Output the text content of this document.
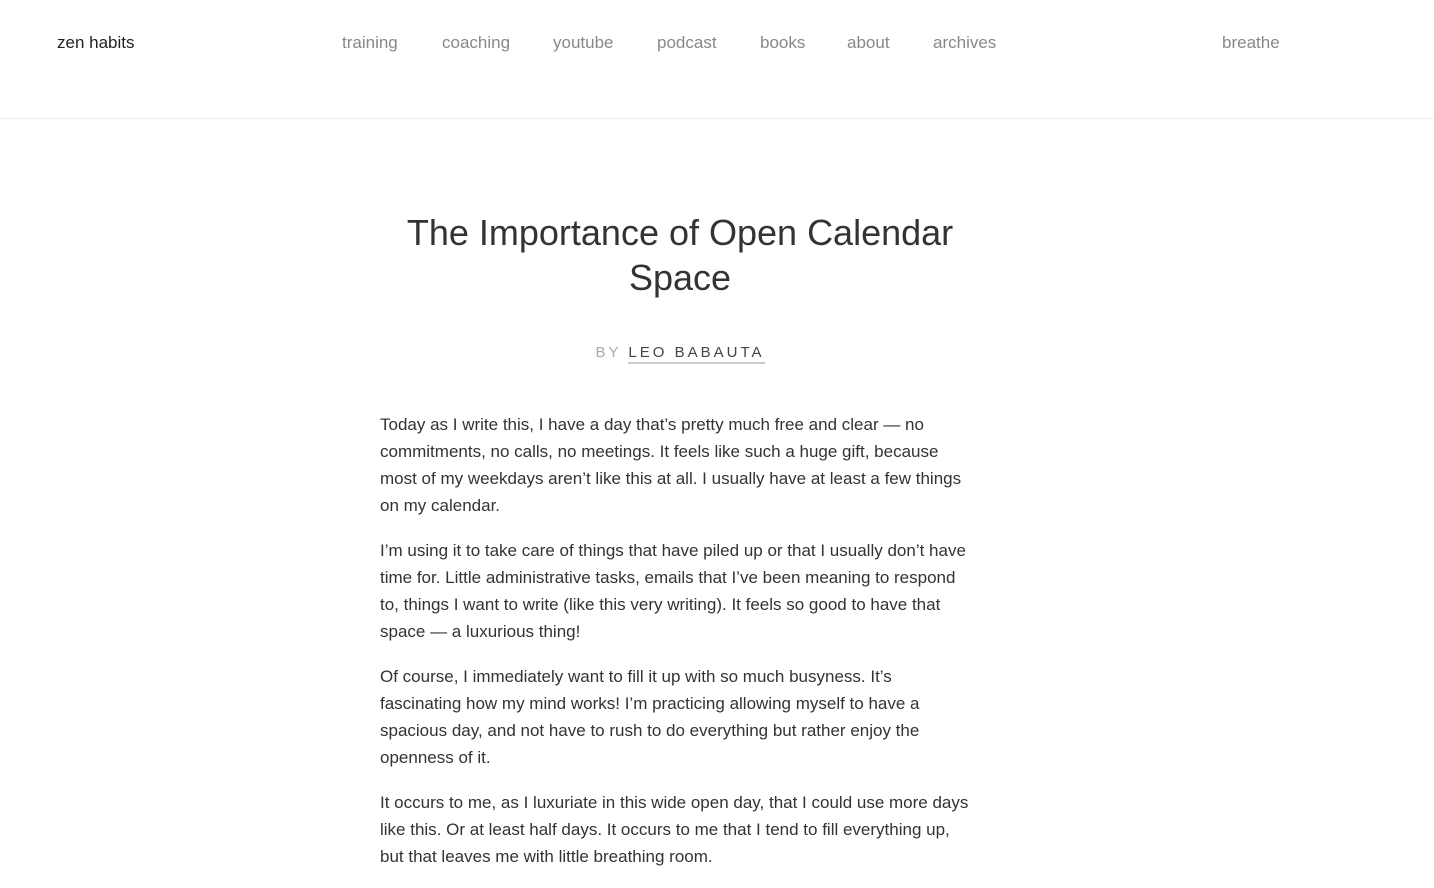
zen habits	training	coaching	youtube	podcast	books about	archives	breathe
The Importance of Open Calendar Space
BY LEO BABAUTA

Today as I write this, I have a day that’s pretty much free and clear — no commitments, no calls, no meetings. It feels like such a huge gift, because most of my weekdays aren’t like this at all. I usually have at least a few things on my calendar.

I’m using it to take care of things that have piled up or that I usually don’t have time for. Little administrative tasks, emails that I’ve been meaning to respond to, things I want to write (like this very writing). It feels so good to have that space — a luxurious thing!

Of course, I immediately want to fill it up with so much busyness. It’s fascinating how my mind works! I’m practicing allowing myself to have a spacious day, and not have to rush to do everything but rather enjoy the openness of it.

It occurs to me, as I luxuriate in this wide open day, that I could use more days like this. Or at least half days. It occurs to me that I tend to fill everything up, but that leaves me with little breathing room.
